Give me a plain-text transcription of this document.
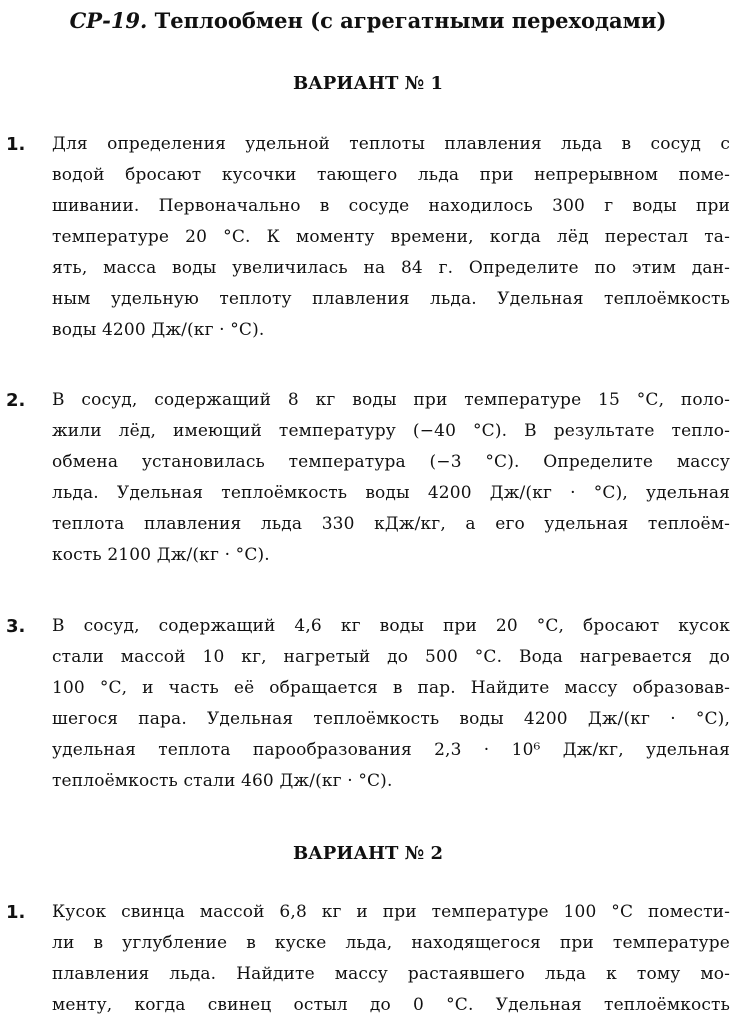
СР-19. Теплообмен (с агрегатными переходами)
ВАРИАНТ № 1
1. Для определения удельной теплоты плавления льда в сосуд с
водой бросают кусочки тающего льда при непрерывном поме-
шивании. Первоначально в сосуде находилось 300 г воды при
температуре 20 °С. К моменту времени, когда лёд перестал та-
ять, масса воды увеличилась на 84 г. Определите по этим дан-
ным удельную теплоту плавления льда. Удельная теплоёмкость
воды 4200 Дж/(кг · °С).
2. В сосуд, содержащий 8 кг воды при температуре 15 °С, поло-
жили лёд, имеющий температуру (−40 °С). В результате тепло-
обмена установилась температура (−3 °С). Определите массу
льда. Удельная теплоёмкость воды 4200 Дж/(кг · °С), удельная
теплота плавления льда 330 кДж/кг, а его удельная теплоём-
кость 2100 Дж/(кг · °С).
3. В сосуд, содержащий 4,6 кг воды при 20 °С, бросают кусок
стали массой 10 кг, нагретый до 500 °С. Вода нагревается до
100 °С, и часть её обращается в пар. Найдите массу образовав-
шегося пара. Удельная теплоёмкость воды 4200 Дж/(кг · °С),
удельная теплота парообразования 2,3 · 10⁶ Дж/кг, удельная
теплоёмкость стали 460 Дж/(кг · °С).
ВАРИАНТ № 2
1. Кусок свинца массой 6,8 кг и при температуре 100 °С помести-
ли в углубление в куске льда, находящегося при температуре
плавления льда. Найдите массу растаявшего льда к тому мо-
менту, когда свинец остыл до 0 °С. Удельная теплоёмкость
